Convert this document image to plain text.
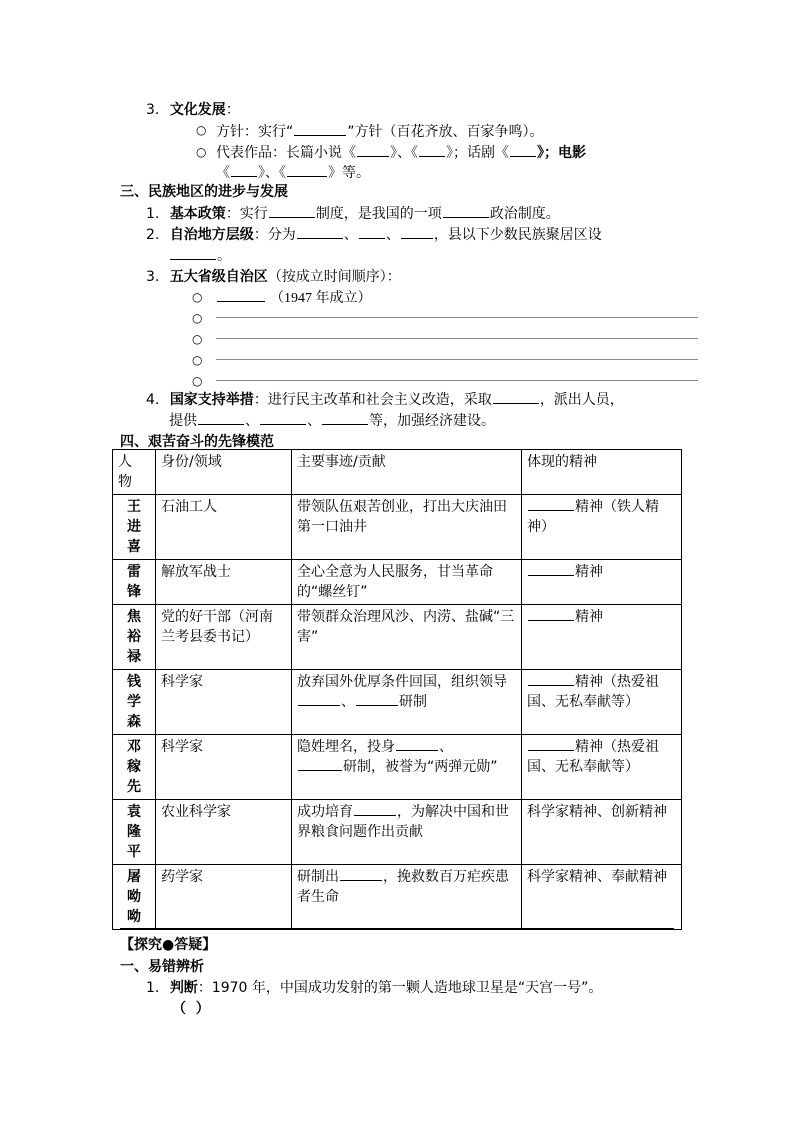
3. 文化发展：
○ 方针：实行“	”方针（百花齐放、百家争鸣）。
○ 代表作品：长篇小说《 》、《 》；话剧《 》；电影
《 》、《	》等。
三、民族地区的进步与发展
1. 基本政策：实行	制度，是我国的一项	政治制度。
2. 自治地方层级：分为	、 、 ，县以下少数民族聚居区设
。
3. 五大省级自治区（按成立时间顺序）：
○	（1947 年成立）
○
○
○
○
4. 国家支持举措：进行民主改革和社会主义改造，采取	，派出人员，
提供	、	、	等，加强经济建设。
四、艰苦奋斗的先锋模范
人
物	身份/领域	主要事迹/贡献	体现的精神
王
进
喜	石油工人	带领队伍艰苦创业，打出大庆油田第一口油井	精神（铁人精神）
雷
锋	解放军战士	全心全意为人民服务，甘当革命的“螺丝钉”	精神
焦
裕
禄	党的好干部（河南兰考县委书记）	带领群众治理风沙、内涝、盐碱“三害”	精神
钱
学
森	科学家	放弃国外优厚条件回国，组织领导、 研制	精神（热爱祖国、无私奉献等）
邓
稼
先	科学家	隐姓埋名，投身 、
研制，被誉为“两弹元勋”	精神（热爱祖国、无私奉献等）
袁
隆
平	农业科学家	成功培育 ，为解决中国和世界粮食问题作出贡献	科学家精神、创新精神
屠
呦
呦	药学家	研制出 ，挽救数百万疟疾患者生命	科学家精神、奉献精神
【探究●答疑】
一、易错辨析
1. 判断：1970 年，中国成功发射的第一颗人造地球卫星是“天宫一号”。
（  ）
